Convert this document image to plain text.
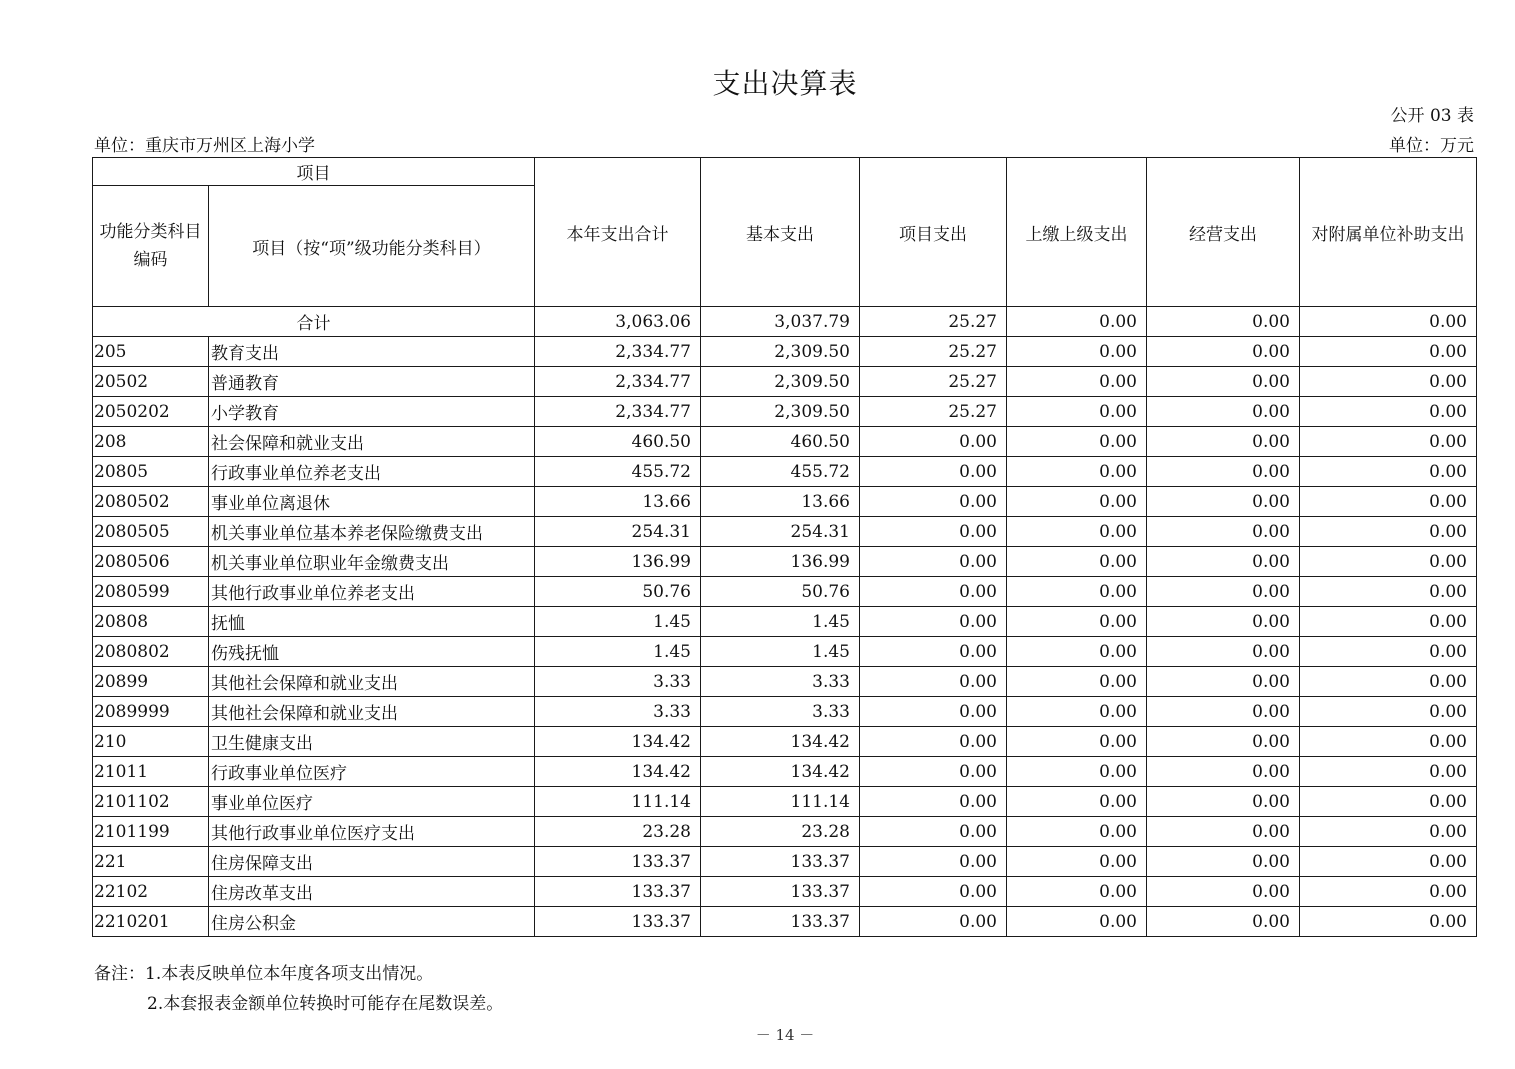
支出决算表
公开 03 表
单位：重庆市万州区上海小学	单位：万元
项目		本年支出合计	基本支出	项目支出	上缴上级支出	经营支出	对附属单位补助支出
功能分类科目编码	项目（按“项”级功能分类科目）						
合计		3,063.06	3,037.79	25.27	0.00	0.00	0.00
205	教育支出	2,334.77	2,309.50	25.27	0.00	0.00	0.00
20502	普通教育	2,334.77	2,309.50	25.27	0.00	0.00	0.00
2050202	小学教育	2,334.77	2,309.50	25.27	0.00	0.00	0.00
208	社会保障和就业支出	460.50	460.50	0.00	0.00	0.00	0.00
20805	行政事业单位养老支出	455.72	455.72	0.00	0.00	0.00	0.00
2080502	事业单位离退休	13.66	13.66	0.00	0.00	0.00	0.00
2080505	机关事业单位基本养老保险缴费支出	254.31	254.31	0.00	0.00	0.00	0.00
2080506	机关事业单位职业年金缴费支出	136.99	136.99	0.00	0.00	0.00	0.00
2080599	其他行政事业单位养老支出	50.76	50.76	0.00	0.00	0.00	0.00
20808	抚恤	1.45	1.45	0.00	0.00	0.00	0.00
2080802	伤残抚恤	1.45	1.45	0.00	0.00	0.00	0.00
20899	其他社会保障和就业支出	3.33	3.33	0.00	0.00	0.00	0.00
2089999	其他社会保障和就业支出	3.33	3.33	0.00	0.00	0.00	0.00
210	卫生健康支出	134.42	134.42	0.00	0.00	0.00	0.00
21011	行政事业单位医疗	134.42	134.42	0.00	0.00	0.00	0.00
2101102	事业单位医疗	111.14	111.14	0.00	0.00	0.00	0.00
2101199	其他行政事业单位医疗支出	23.28	23.28	0.00	0.00	0.00	0.00
221	住房保障支出	133.37	133.37	0.00	0.00	0.00	0.00
22102	住房改革支出	133.37	133.37	0.00	0.00	0.00	0.00
2210201	住房公积金	133.37	133.37	0.00	0.00	0.00	0.00
备注：1.本表反映单位本年度各项支出情况。
2.本套报表金额单位转换时可能存在尾数误差。
－ 14 －
